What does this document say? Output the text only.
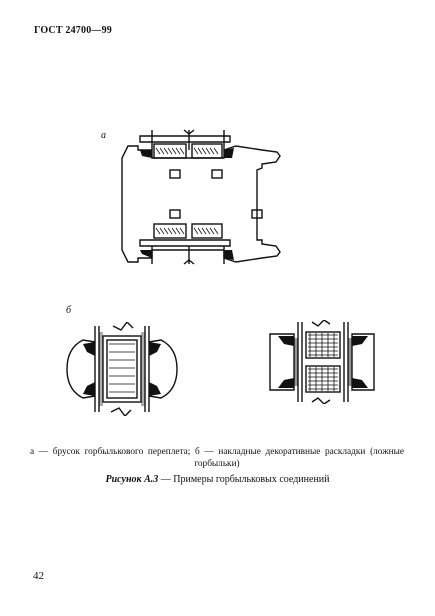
ГОСТ 24700—99
а
б
а — брусок горбылькового переплета; б — накладные декоративные раскладки (ложные горбыльки)
Рисунок А.3 — Примеры горбыльковых соединений
42
